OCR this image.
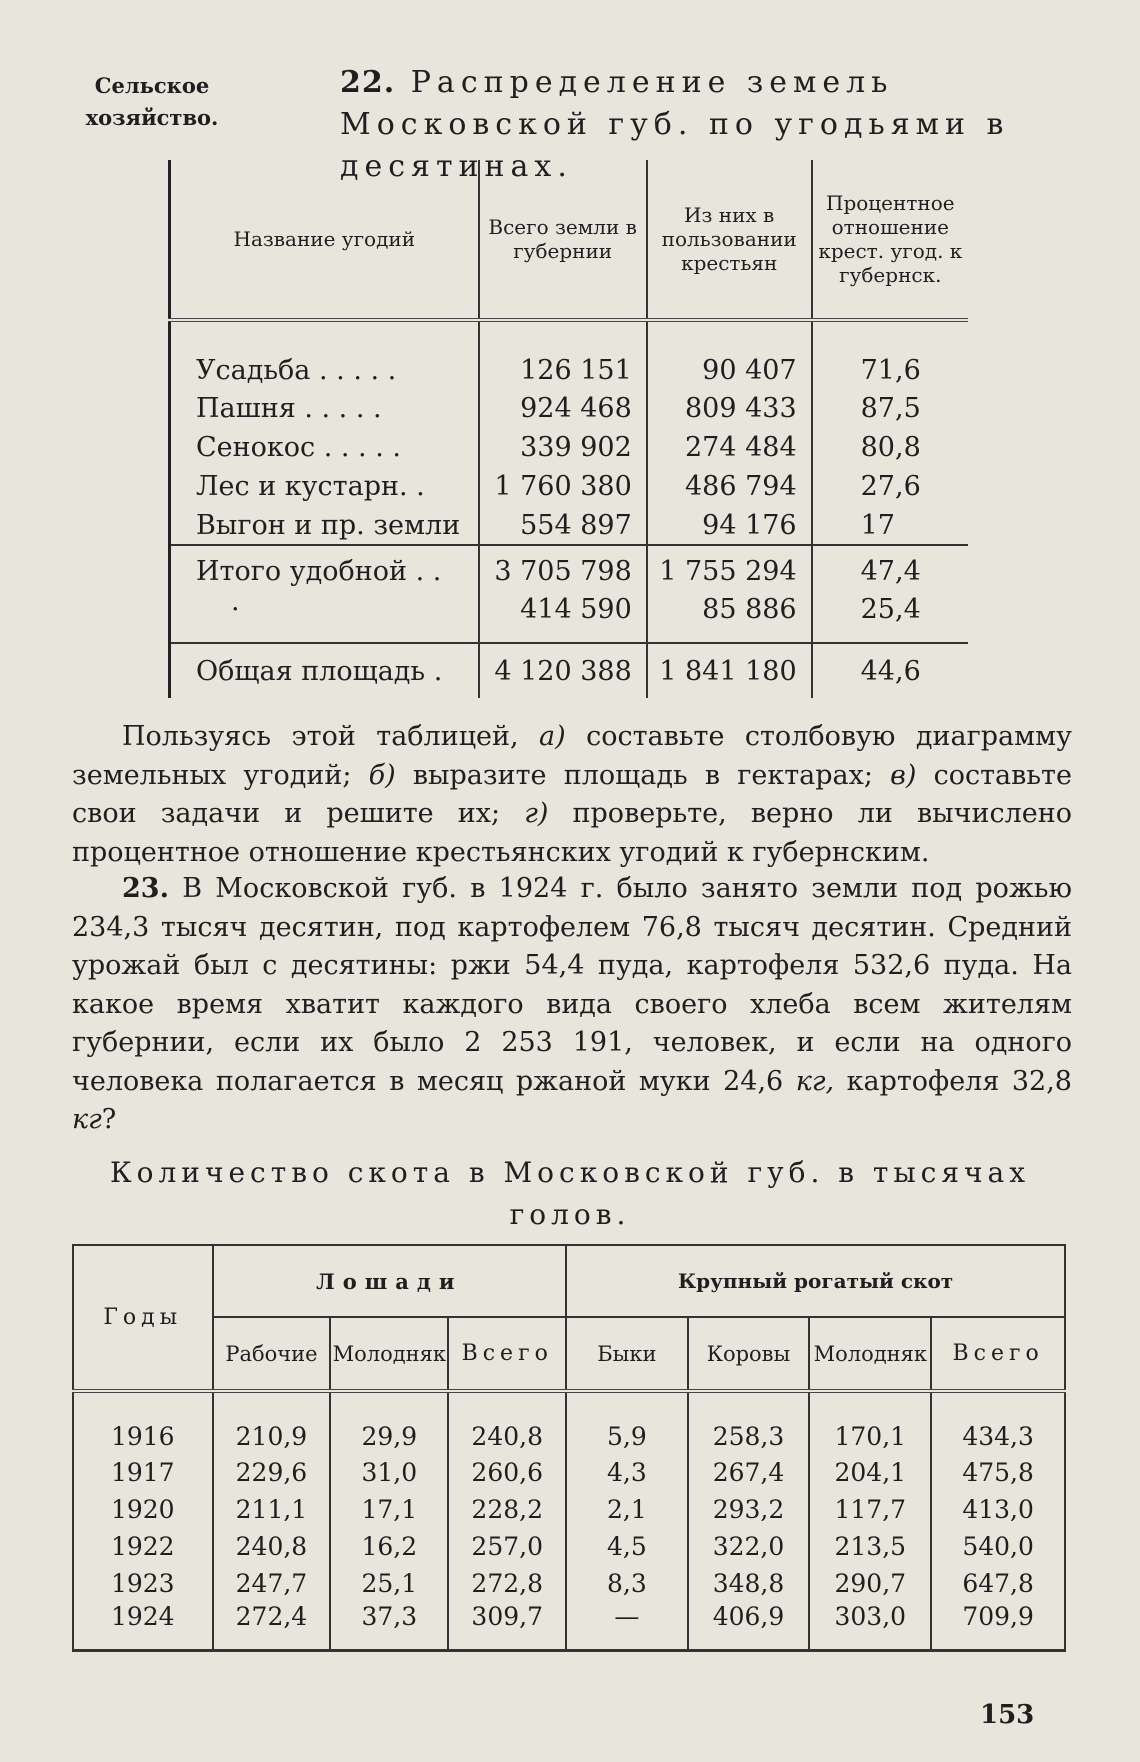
Сельское хозяйство.
22. Распределение земель Московской губ. по угодьями в десятинах.
Название угодий	Всего земли в губернии	Из них в пользовании крестьян	Процентное отношение крест. угод. к губернск.
Усадьба . . . . .	126 151	90 407	71,6
Пашня . . . . .	924 468	809 433	87,5
Сенокос . . . . .	339 902	274 484	80,8
Лес и кустарн. .	1 760 380	486 794	27,6
Выгон и пр. земли	554 897	94 176	17
Итого удобной . .	3 705 798	1 755 294	47,4
·	414 590	85 886	25,4

Общая площадь .	4 120 388	1 841 180	44,6
Пользуясь этой таблицей, а) составьте столбовую диаграмму земельных угодий; б) выразите площадь в гектарах; в) составьте свои задачи и решите их; г) проверьте, верно ли вычислено процентное отношение крестьянских угодий к губернским.
23. В Московской губ. в 1924 г. было занято земли под рожью 234,3 тысяч десятин, под картофелем 76,8 тысяч десятин. Средний урожай был с десятины: ржи 54,4 пуда, картофеля 532,6 пуда. На какое время хватит каждого вида своего хлеба всем жителям губернии, если их было 2 253 191, человек, и если на одного человека полагается в месяц ржаной муки 24,6 кг, картофеля 32,8 кг?
Количество скота в Московской губ. в тысячах голов.
Годы	Лошади			Крупный рогатый скот			
	Рабочие	Молодняк	Всего	Быки	Коровы	Молодняк	Всего
1916	210,9	29,9	240,8	5,9	258,3	170,1	434,3
1917	229,6	31,0	260,6	4,3	267,4	204,1	475,8
1920	211,1	17,1	228,2	2,1	293,2	117,7	413,0
1922	240,8	16,2	257,0	4,5	322,0	213,5	540,0
1923	247,7	25,1	272,8	8,3	348,8	290,7	647,8
1924	272,4	37,3	309,7	—	406,9	303,0	709,9
153
